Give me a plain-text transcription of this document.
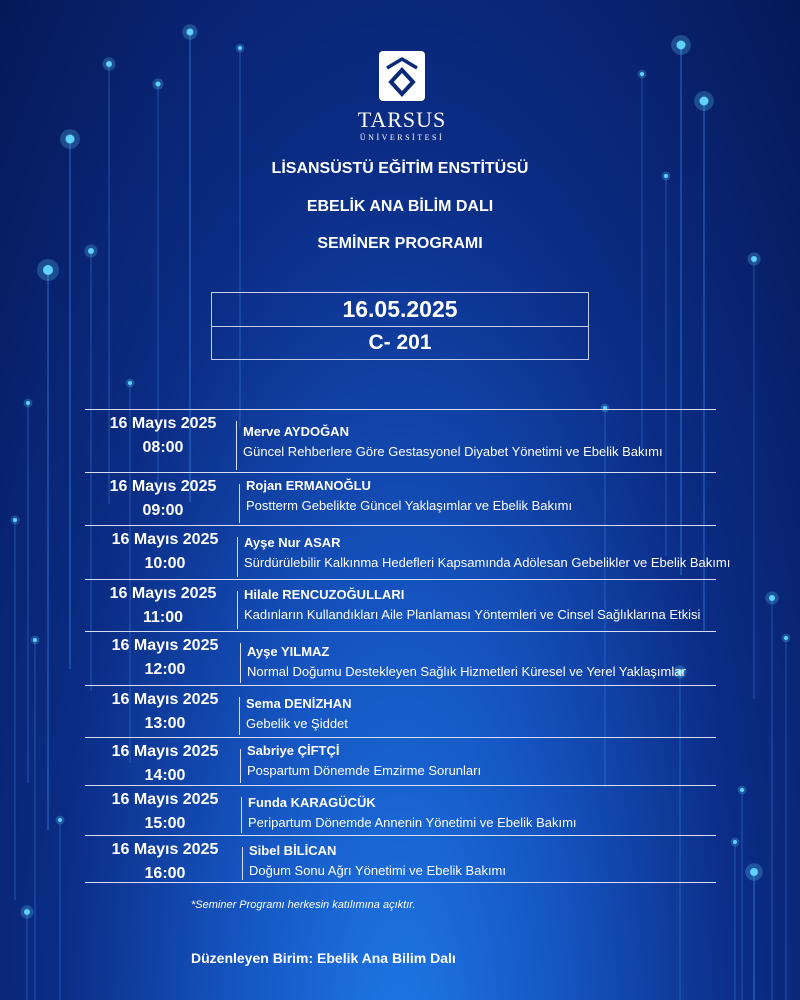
TARSUS
ÜNİVERSİTESİ
LİSANSÜSTÜ EĞİTİM ENSTİTÜSÜ
EBELİK ANA BİLİM DALI
SEMİNER PROGRAMI
16.05.2025
C- 201
16 Mayıs 2025
08:00
Merve AYDOĞAN
Güncel Rehberlere Göre Gestasyonel Diyabet Yönetimi ve Ebelik Bakımı
16 Mayıs 2025
09:00
Rojan ERMANOĞLU
Postterm Gebelikte Güncel Yaklaşımlar ve Ebelik Bakımı
16 Mayıs 2025
10:00
Ayşe Nur ASAR
Sürdürülebilir Kalkınma Hedefleri Kapsamında Adölesan Gebelikler ve Ebelik Bakımı
16 Mayıs 2025
11:00
Hilale RENCUZOĞULLARI
Kadınların Kullandıkları Aile Planlaması Yöntemleri ve Cinsel Sağlıklarına Etkisi
16 Mayıs 2025
12:00
Ayşe YILMAZ
Normal Doğumu Destekleyen Sağlık Hizmetleri Küresel ve Yerel Yaklaşımlar
16 Mayıs 2025
13:00
Sema DENİZHAN
Gebelik ve Şiddet
16 Mayıs 2025
14:00
Sabriye ÇİFTÇİ
Pospartum Dönemde Emzirme Sorunları
16 Mayıs 2025
15:00
Funda KARAGÜCÜK
Peripartum Dönemde Annenin Yönetimi ve Ebelik Bakımı
16 Mayıs 2025
16:00
Sibel BİLİCAN
Doğum Sonu Ağrı Yönetimi ve Ebelik Bakımı
*Seminer Programı herkesin katılımına açıktır.
Düzenleyen Birim: Ebelik Ana Bilim Dalı
